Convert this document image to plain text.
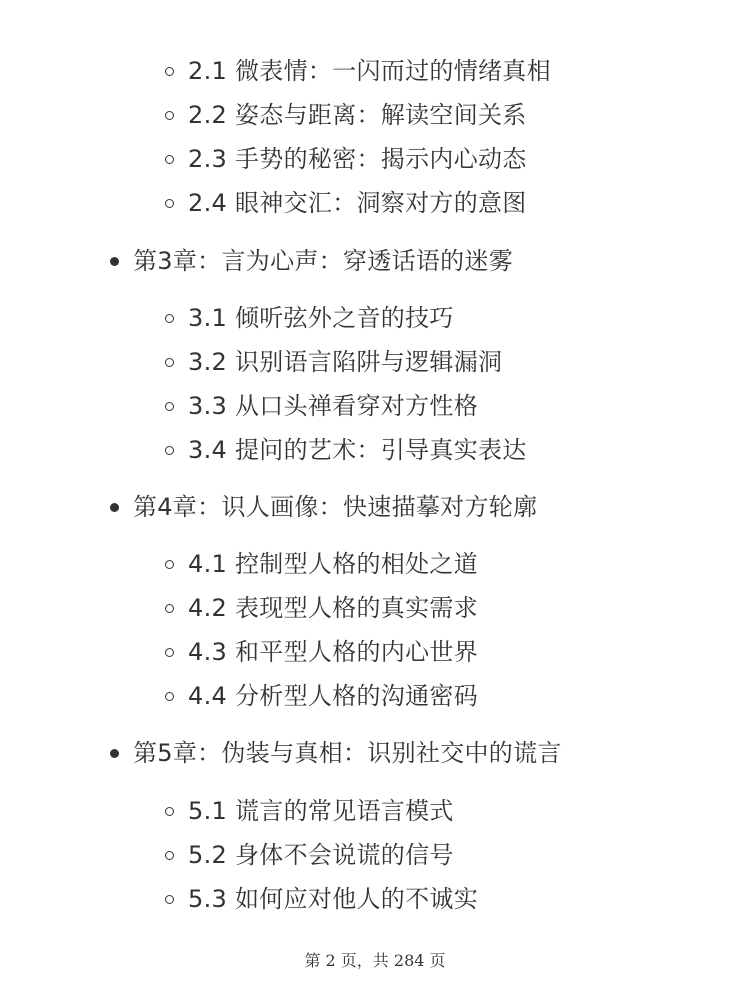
2.1 微表情：一闪而过的情绪真相
2.2 姿态与距离：解读空间关系
2.3 手势的秘密：揭示内心动态
2.4 眼神交汇：洞察对方的意图
第3章：言为心声：穿透话语的迷雾
3.1 倾听弦外之音的技巧
3.2 识别语言陷阱与逻辑漏洞
3.3 从口头禅看穿对方性格
3.4 提问的艺术：引导真实表达
第4章：识人画像：快速描摹对方轮廓
4.1 控制型人格的相处之道
4.2 表现型人格的真实需求
4.3 和平型人格的内心世界
4.4 分析型人格的沟通密码
第5章：伪装与真相：识别社交中的谎言
5.1 谎言的常见语言模式
5.2 身体不会说谎的信号
5.3 如何应对他人的不诚实
第 2 页，共 284 页
